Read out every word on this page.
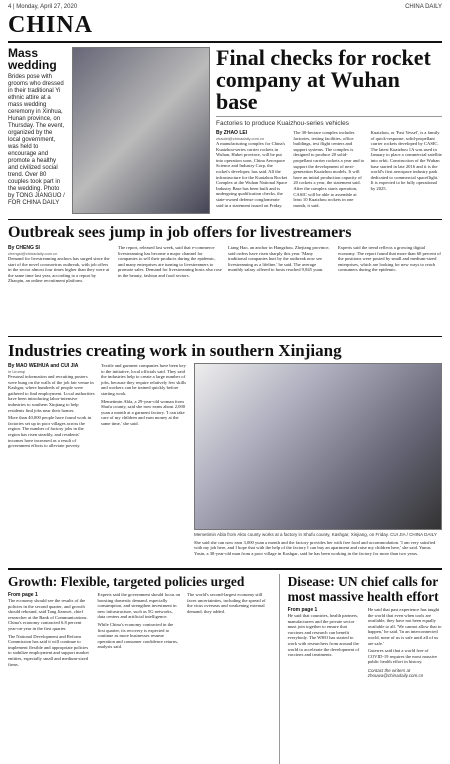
4 | Monday, April 27, 2020	CHINA DAILY
CHINA
Mass wedding
Brides pose with grooms who dressed in their traditional Yi ethnic attire at a mass wedding ceremony in Xinhua, Hunan province, on Thursday. The event, organized by the local government, was held to encourage and promote a healthy and civilized social trend. Over 80 couples took part in the wedding. Photo by TONG JIANGUO / FOR CHINA DAILY
Final checks for rocket company at Wuhan base
Factories to produce Kuaizhou-series vehicles
By ZHAO LEI
zhaolei@chinadaily.com.cn
A manufacturing complex for China's Kuaizhou-series carrier rockets in Wuhan, Hubei province, will be put into operation soon, China Aerospace Science and Industry Corp, the rocket's developer, has said. All the infrastructure for the Kuaizhou Rocket Complex at the Wuhan National Space Industry Base has been built and is undergoing qualification checks, the state-owned defense conglomerate said in a statement issued on Friday.
The 30-hectare complex includes factories, testing facilities, office buildings, test flight centers and support systems. The complex is designed to produce 20 solid-propellant carrier rockets a year and to support the development of next-generation Kuaizhou models. It will have an initial production capacity of 20 rockets a year, the statement said. After the complex starts operation, CASIC will be able to assemble at least 10 Kuaizhou rockets in one month, it said.
Kuaizhou, or 'Fast Vessel', is a family of quick-response, solid-propellant carrier rockets developed by CASIC. The latest Kuaizhou 1A was used in January to place a commercial satellite into orbit. Construction of the Wuhan base started in late 2016 and it is the world's first aerospace industry park dedicated to commercial spaceflight. It is expected to be fully operational by 2025.
Outbreak sees jump in job offers for livestreamers
By CHENG SI
chengsi@chinadaily.com.cn
Demand for livestreaming anchors has surged since the start of the novel coronavirus outbreak, with job offers in the sector almost four times higher than they were at the same time last year, according to a report by Zhaopin, an online recruitment platform.
The report, released last week, said that e-commerce livestreaming has become a major channel for companies to sell their products during the epidemic, and many enterprises are turning to livestreamers to promote sales. Demand for livestreaming hosts also rose in the beauty, fashion and food sectors.
Liang Hao, an anchor in Hangzhou, Zhejiang province, said orders have risen sharply this year. 'Many traditional companies hurt by the outbreak now see livestreaming as a lifeline,' he said. The average monthly salary offered to hosts reached 9,845 yuan.
Experts said the trend reflects a growing digital economy. The report found that more than 60 percent of the positions were posted by small and medium-sized enterprises, which are looking for new ways to reach consumers during the epidemic.
Industries creating work in southern Xinjiang
By MAO WEIHUA and CUI JIA
in Urumqi
Personal information and recruiting posters were hung on the walls of the job fair venue in Kashgar, where hundreds of people were gathered to find employment. Local authorities have been introducing labor-intensive industries to southern Xinjiang to help residents find jobs near their homes.
More than 40,000 people have found work in factories set up in poor villages across the region. The number of factory jobs in the region has risen steadily, and residents' incomes have increased as a result of government efforts to alleviate poverty.
Textile and garment companies have been key to the initiative, local officials said. They said the industries help to create a large number of jobs, because they require relatively few skills and workers can be trained quickly before starting work.
Memetimin Abla, a 29-year-old woman from Shufu county, said she now earns about 2,000 yuan a month at a garment factory. 'I can take care of my children and earn money at the same time,' she said.
Memetimin Abla from Akto county works at a factory in Shufu county, Kashgar, Xinjiang, on Friday. CUI JIA / CHINA DAILY
She said she can now earn 3,000 yuan a month and the factory provides her with free food and accommodation. 'I am very satisfied with my job here, and I hope that with the help of the factory I can buy an apartment and raise my children here,' she said. Yunus Yasin, a 38-year-old man from a poor village in Kashgar, said he has been working in the factory for more than two years.
Growth: Flexible, targeted policies urged
From page 1
The economy should see the results of the policies in the second quarter, and growth should rebound, said Tang Jianwei, chief researcher at the Bank of Communications. China's economy contracted 6.8 percent year-on-year in the first quarter.
The National Development and Reform Commission has said it will continue to implement flexible and appropriate policies to stabilize employment and support market entities, especially small and medium-sized firms.
Experts said the government should focus on boosting domestic demand, especially consumption, and strengthen investment in new infrastructure, such as 5G networks, data centers and artificial intelligence.
While China's economy contracted in the first quarter, its recovery is expected to continue as more businesses resume operation and consumer confidence returns, analysts said.
The world's second-largest economy still faces uncertainties, including the spread of the virus overseas and weakening external demand, they added.
Disease: UN chief calls for most massive health effort
From page 1
He said that countries, health partners, manufacturers and the private sector must join together to ensure that vaccines and research can benefit everybody. The WHO has started to work with researchers from around the world to accelerate the development of vaccines and treatments.
He said that past experience has taught the world that even when tools are available, they have not been equally available to all. 'We cannot allow that to happen,' he said. 'In an interconnected world, none of us is safe until all of us are safe.'
Guterres said that a world free of COVID-19 requires the most massive public health effort in history.
Contact the writers at zhouwa@chinadaily.com.cn
